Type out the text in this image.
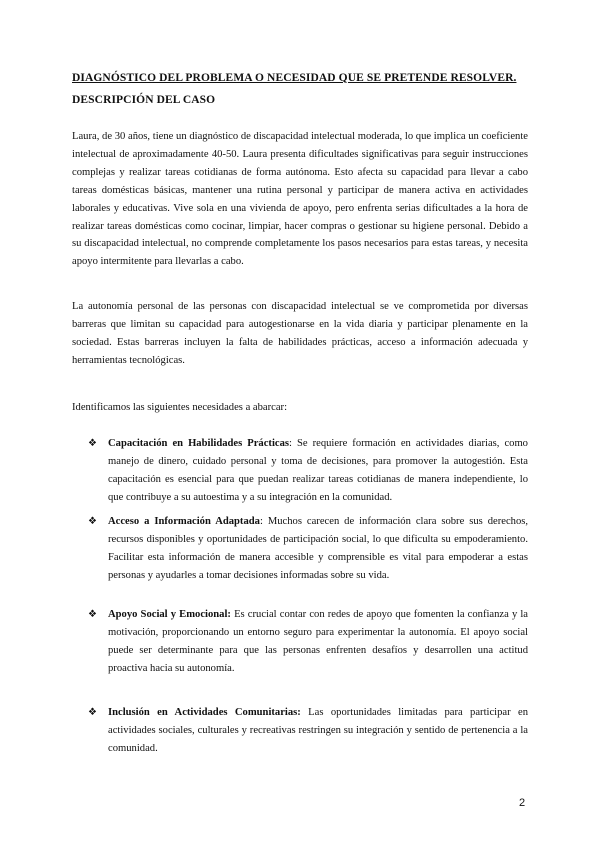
DIAGNÓSTICO DEL PROBLEMA O NECESIDAD QUE SE PRETENDE RESOLVER.
DESCRIPCIÓN DEL CASO

Laura, de 30 años, tiene un diagnóstico de discapacidad intelectual moderada, lo que implica un coeficiente intelectual de aproximadamente 40-50. Laura presenta dificultades significativas para seguir instrucciones complejas y realizar tareas cotidianas de forma autónoma. Esto afecta su capacidad para llevar a cabo tareas domésticas básicas, mantener una rutina personal y participar de manera activa en actividades laborales y educativas. Vive sola en una vivienda de apoyo, pero enfrenta serias dificultades a la hora de realizar tareas domésticas como cocinar, limpiar, hacer compras o gestionar su higiene personal. Debido a su discapacidad intelectual, no comprende completamente los pasos necesarios para estas tareas, y necesita apoyo intermitente para llevarlas a cabo.

La autonomía personal de las personas con discapacidad intelectual se ve comprometida por diversas barreras que limitan su capacidad para autogestionarse en la vida diaria y participar plenamente en la sociedad. Estas barreras incluyen la falta de habilidades prácticas, acceso a información adecuada y herramientas tecnológicas.

Identificamos las siguientes necesidades a abarcar:

❖ Capacitación en Habilidades Prácticas: Se requiere formación en actividades diarias, como manejo de dinero, cuidado personal y toma de decisiones, para promover la autogestión. Esta capacitación es esencial para que puedan realizar tareas cotidianas de manera independiente, lo que contribuye a su autoestima y a su integración en la comunidad.
❖ Acceso a Información Adaptada: Muchos carecen de información clara sobre sus derechos, recursos disponibles y oportunidades de participación social, lo que dificulta su empoderamiento. Facilitar esta información de manera accesible y comprensible es vital para empoderar a estas personas y ayudarles a tomar decisiones informadas sobre su vida.
❖ Apoyo Social y Emocional: Es crucial contar con redes de apoyo que fomenten la confianza y la motivación, proporcionando un entorno seguro para experimentar la autonomía. El apoyo social puede ser determinante para que las personas enfrenten desafíos y desarrollen una actitud proactiva hacia su autonomía.
❖ Inclusión en Actividades Comunitarias: Las oportunidades limitadas para participar en actividades sociales, culturales y recreativas restringen su integración y sentido de pertenencia a la comunidad.
2
